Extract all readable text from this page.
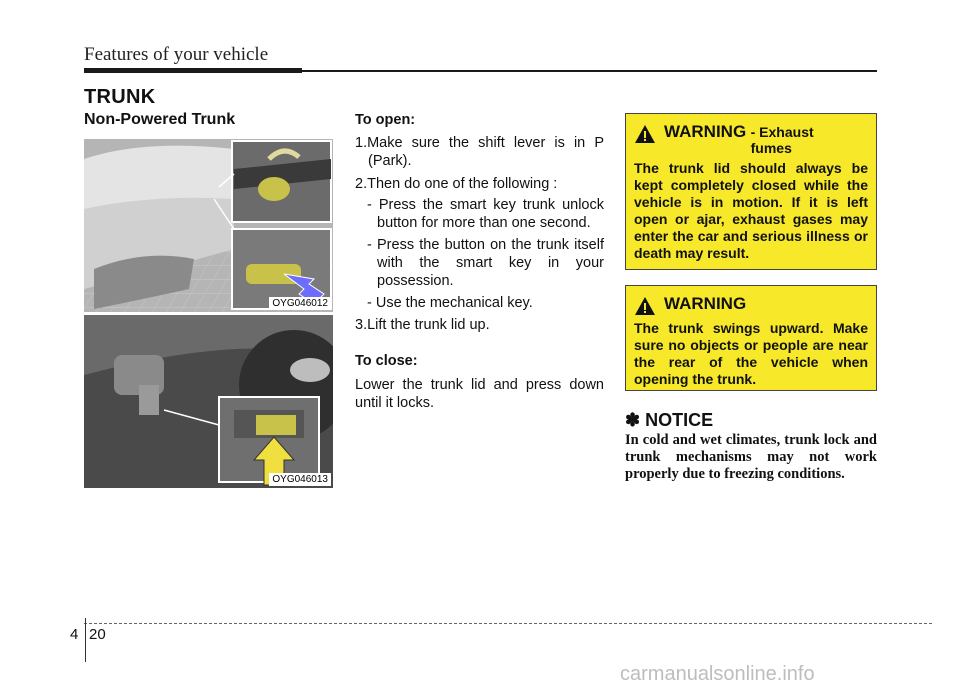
Features of your vehicle
TRUNK
Non-Powered Trunk
OYG046012
OYG046013

To open:

1.Make sure the shift lever is in P (Park).

2.Then do one of the following :

- Press the smart key trunk unlock button for more than one second.

- Press the button on the trunk itself with the smart key in your possession.

- Use the mechanical key.

3.Lift the trunk lid up.

To close:

Lower the trunk lid and press down until it locks.

WARNING - Exhaust fumes
The trunk lid should always be kept completely closed while the vehicle is in motion. If it is left open or ajar, exhaust gases may enter the car and serious illness or death may result.
WARNING
The trunk swings upward. Make sure no objects or people are near the rear of the vehicle when opening the trunk.
✽ NOTICE
In cold and wet climates, trunk lock and trunk mechanisms may not work properly due to freezing conditions.
4 20
carmanualsonline.info
